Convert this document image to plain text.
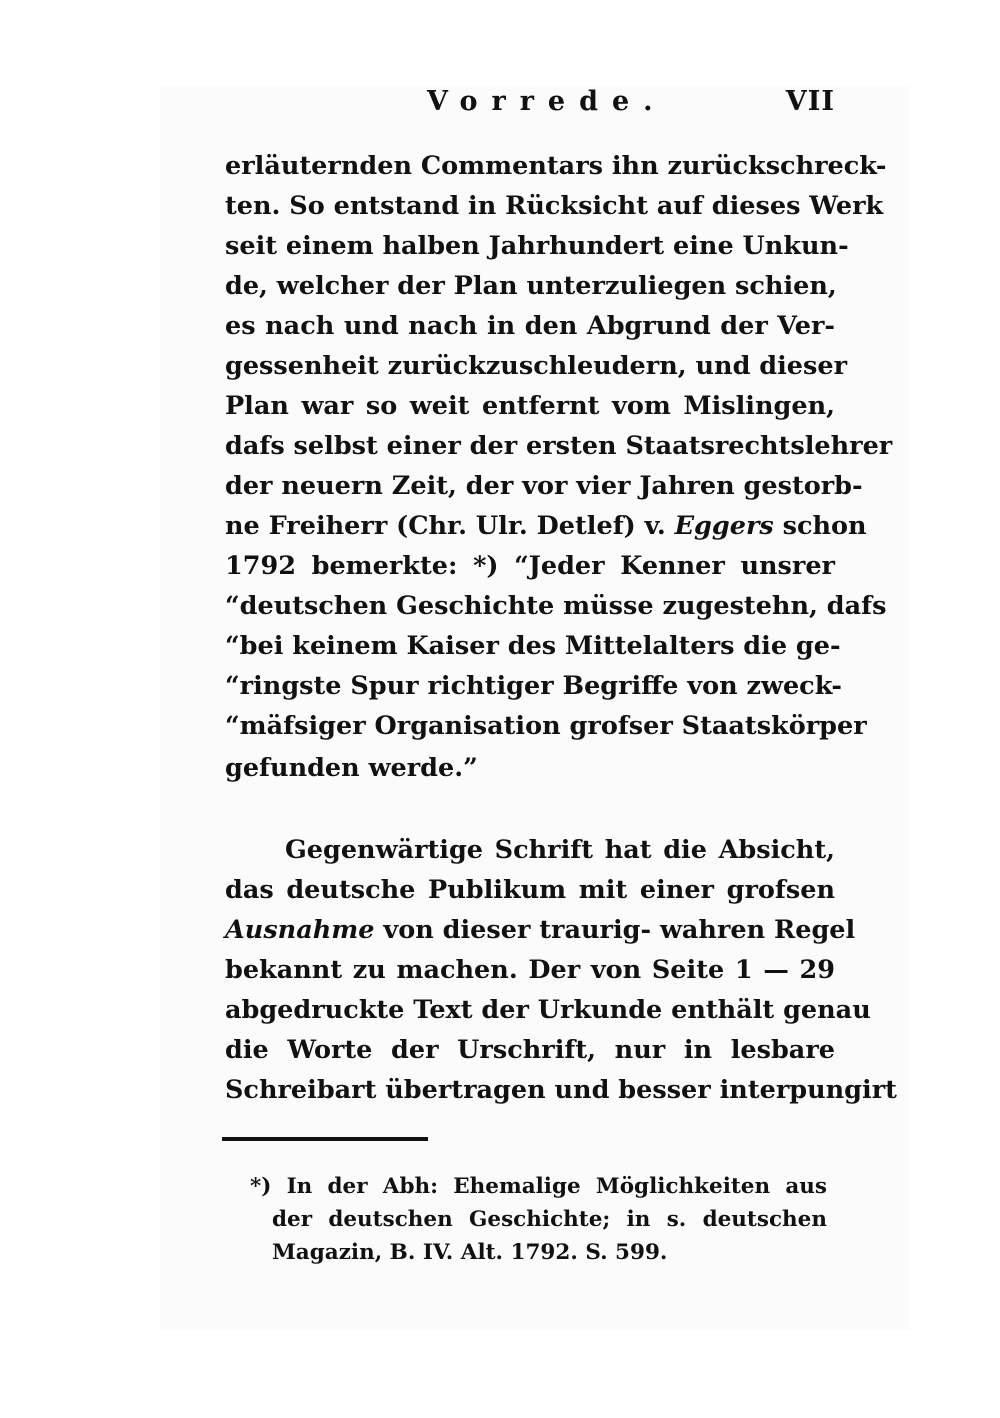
Vorrede.	VII
erläuternden Commentars ihn zurückschreck-
ten. So entstand in Rücksicht auf dieses Werk
seit einem halben Jahrhundert eine Unkun-
de, welcher der Plan unterzuliegen schien,
es nach und nach in den Abgrund der Ver-
gessenheit zurückzuschleudern, und dieser
Plan war so weit entfernt vom Mislingen,
dafs selbst einer der ersten Staatsrechtslehrer
der neuern Zeit, der vor vier Jahren gestorb-
ne Freiherr (Chr. Ulr. Detlef) v. Eggers schon
1792 bemerkte: *) “Jeder Kenner unsrer
“deutschen Geschichte müsse zugestehn, dafs
“bei keinem Kaiser des Mittelalters die ge-
“ringste Spur richtiger Begriffe von zweck-
“mäfsiger Organisation grofser Staatskörper
gefunden werde.”
Gegenwärtige Schrift hat die Absicht,
das deutsche Publikum mit einer grofsen
Ausnahme von dieser traurig- wahren Regel
bekannt zu machen. Der von Seite 1 — 29
abgedruckte Text der Urkunde enthält genau
die Worte der Urschrift, nur in lesbare
Schreibart übertragen und besser interpungirt
*) In der Abh: Ehemalige Möglichkeiten aus
der deutschen Geschichte; in s. deutschen
Magazin, B. IV. Alt. 1792. S. 599.
